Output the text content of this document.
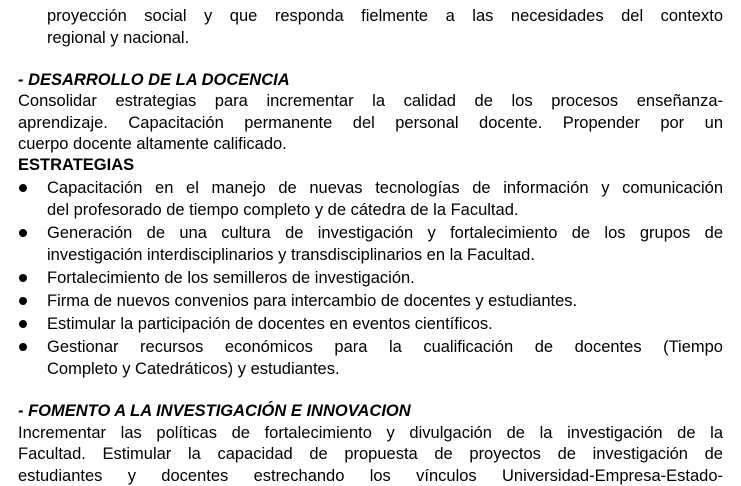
proyección social y que responda fielmente a las necesidades del contexto
regional y nacional.
- DESARROLLO DE LA DOCENCIA
Consolidar estrategias para incrementar la calidad de los procesos enseñanza-
aprendizaje. Capacitación permanente del personal docente. Propender por un
cuerpo docente altamente calificado.
ESTRATEGIAS
Capacitación en el manejo de nuevas tecnologías de información y comunicación
del profesorado de tiempo completo y de cátedra de la Facultad.
Generación de una cultura de investigación y fortalecimiento de los grupos de
investigación interdisciplinarios y transdisciplinarios en la Facultad.
Fortalecimiento de los semilleros de investigación.
Firma de nuevos convenios para intercambio de docentes y estudiantes.
Estimular la participación de docentes en eventos científicos.
Gestionar recursos económicos para la cualificación de docentes (Tiempo
Completo y Catedráticos) y estudiantes.
- FOMENTO A LA INVESTIGACIÓN E INNOVACION
Incrementar las políticas de fortalecimiento y divulgación de la investigación de la
Facultad. Estimular la capacidad de propuesta de proyectos de investigación de
estudiantes y docentes estrechando los vínculos Universidad-Empresa-Estado-
